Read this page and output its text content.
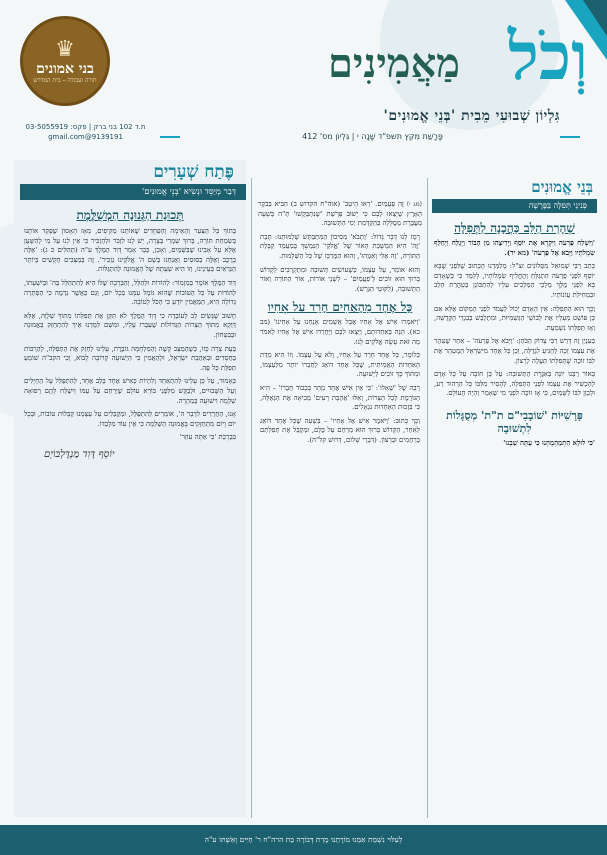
♛
בני אמונים
תורה ועבודה – בית המדרש
ת.ד 102 בני ברק | פקס: 03-5055919
9139191@gmail.com
וְכֹל
מַאֲמִינִים
גִּלְיוֹן שְׁבוּעִי מֵבִית 'בְּנֵי אֱמוּנִים'
פָּרָשַׁת מִקֵּץ תשפ"ד שָׁנָה י | גִּלְיוֹן מס' 412
פֶּתַח שְׁעָרִים
דְּבַר מְיַסֵּד וּנְשִׂיא 'בְּנֵי אֱמוּנִים'
תְּכוּנַת הַגְּנוּנָה הַמְשֻׁלֶּמֶת

בְּתוֹךְ כָּל הַצַּעַר וְהָאֵימָה וְהַפְּחָדִים שֶׁאוֹתָנוּ מַקִּיפִים, מֵאָז הָאָסוֹן שֶׁפָּקַד אוֹתָנוּ בְּשִׂמְחַת תּוֹרָה, בָּרוּךְ שִׁמְרִי בְּצָרָה, יֵשׁ לָנוּ לִזְכֹּר וּלְהַזְכִּיר כִּי אֵין לָנוּ עַל מִי לְהִשָּׁעֵן אֶלָּא עַל אָבִינוּ שֶׁבַּשָּׁמַיִם, וְאָכֵן, כְּבָר אָמַר דָּוִד הַמֶּלֶךְ ע"ה (תְּהִלִּים כ ג): 'אֵלֶּה בָרֶכֶב וְאֵלֶּה בַסּוּסִים וַאֲנַחְנוּ בְּשֵׁם ה' אֱלֹקֵינוּ נַזְכִּיר'. זֶה בְּמַצָּבִים הַקָּשִׁים בְּיוֹתֵר הַנִּרְאִים בְּעֵינֵינוּ, וְזוֹ הִיא שְׁעָתָהּ שֶׁל הָאֱמוּנָה לְהִתְגַּלּוֹת.

דָּוִד הַמֶּלֶךְ אוֹמֵר בְּמִזְמוֹר: לְהוֹדוֹת וּלְהַלֵּל, וְהַבְּרָכָה שֶׁלּוֹ הִיא לְהִתְהַלֵּל בַּה' וּבְיִשְׁעָתוֹ, לְהוֹדוֹת עַל כָּל הַטּוֹבוֹת שֶׁהוּא גּוֹמֵל עִמָּנוּ בְּכָל יוֹם, וְגַם כַּאֲשֶׁר נִדְמֶה כִּי הַסְּתָרָה גְּדוֹלָה הִיא, הַמַּאֲמִין יוֹדֵעַ כִּי הַכֹּל לְטוֹבָה.

חָשׁוּב שֶׁנָּשִׂים לֵב לְעוֹבְדָה כִּי דָּוִד הַמֶּלֶךְ לֹא תִּקֵּן אֶת תְּפִלַּתוֹ מִתּוֹךְ שַׁלְוָה, אֶלָּא דַּוְקָא מִתּוֹךְ הַצָּרוֹת הַגְּדוֹלוֹת שֶׁעָבְרוּ עָלָיו, וּמִשָּׁם לִמְּדָנוּ אֵיךְ לְהִתְחַזֵּק בָּאֱמוּנָה וּבַבִּטָּחוֹן.

בְּעֵת צָרָה כָּזוֹ, כְּשֶׁהַמַּצָּב קָשֶׁה וְהַמִּלְחָמָה גּוֹבֶרֶת, עָלֵינוּ לְחַזֵּק אֶת הַתְּפִלָּה, לְהַרְבּוֹת בַּחֲסָדִים וּבְאַהֲבַת יִשְׂרָאֵל, וּלְהַאֲמִין כִּי הַיְשׁוּעָה קְרוֹבָה לָבוֹא, וְכִי הקב"ה שׁוֹמֵעַ תְּפִלַּת כָּל פֶּה.

כְּאָמוּר, עַל כֵּן עָלֵינוּ לְהִתְאַחֵד וְלִהְיוֹת כְּאִישׁ אֶחָד בְּלֵב אֶחָד, לְהִתְפַּלֵּל עַל הַחַיָּלִים וְעַל הַשְּׁבוּיִים, וּלְבַקֵּשׁ מִלִּפְנֵי בּוֹרֵא עוֹלָם שֶׁיְּרַחֵם עַל עַמּוֹ וְיִשְׁלַח לָהֶם רְפוּאָה שְׁלֵמָה וִישׁוּעָה בְּמְהֵרָה.

אָנוּ, הַחֲרֵדִים לִדְבַר ה', אוֹמְרִים לְהִתְפַּלֵּל, וּמְקַבְּלִים עַל עַצְמֵנוּ קַבָּלוֹת טוֹבוֹת, וּבְכָל יוֹם וָיוֹם מִתְחַזְּקִים בָּאֱמוּנָה הַשְּׁלֵמָה כִּי אֵין עוֹד מִלְבַדּוֹ.

בִּבְרָכַת 'כִּי אַתָּה עוֹזֵר'

יוֹסֵף דָּוִד מַנְדֶּלְבּוֹיְם

(מג י) זֶה פַּעֲמַיִם. 'רְאוּ הֵיטֵב' (אוה"ח הקדוש ב) הִבִּיא בְּבֹקֶר הָאָרֶץ שֶׁיָּצְאוּ לְבָם כִּי יָשׁוּב פָּרָשַׁת 'שֶׁנִּתְבַּקְּשׁוּ' תַּ"ה בְּשָׁעָה מְעֻבֶּרֶת מְסֻלָּלָה בְּהַקְדָּמַת יְמִי הַתְּשׁוּבָה.

רָמַז לָנוּ דָּבָר גָּדוֹל: 'וַתְּבֹא' מְסִיכוֹן הַמִּתְבַּתֵּשׁ שְׁלַמּוּתֵנוּ: תֵּבַת 'זֶה' הִיא הִמְשָׁכַת הָאוֹר שֶׁל 'אֱלֹקַי' הַנִּמְשָׁךְ בְּמַעֲמַד קַבָּלַת הַתּוֹרָה, 'זֶה אֵלִי וְאַנְוֵהוּ', וְהוּא הַמֶּרְכָּז שֶׁל כָּל הַשְּׁלֵמוּת.

וְהוּא אוֹמֵר, עַל עַצְמוֹ, כְּשֶׁעוֹשִׂים תְּשׁוּבָה וּמִתְקָרְבִים לַקָּדוֹשׁ בָּרוּךְ הוּא זוֹכִים לְ'פַעֲמַיִם' – לִשְׁנֵי אוֹרוֹת, אוֹר הַתּוֹרָה וְאוֹר הַתְּשׁוּבָה, (לִקּוּטֵי הַגְּרָשׁ).

כָּל אֶחָד מֵהָאַחִים חָרֵד עַל אָחִיו

'וַיֹּאמְרוּ אִישׁ אֶל אָחִיו אֲבָל אֲשֵׁמִים אֲנַחְנוּ עַל אָחִינוּ' (מב כא). הִנֵּה בְּאַחְדוּתָם, וַיֵּצְאוּ לִבָּם וַיֶּחֶרְדוּ אִישׁ אֶל אָחִיו לֵאמֹר מַה זֹּאת עָשָׂה אֱלֹקִים לָנוּ.

כְּלוֹמַר, כָּל אֶחָד חָרַד עַל אָחִיו, וְלֹא עַל עַצְמוֹ. וְזוֹ הִיא מִדַּת הָאַחְדוּת הָאֲמִיתִּית, שֶׁכָּל אֶחָד דּוֹאֵג לַחֲבֵרוֹ יוֹתֵר מִלְּעַצְמוֹ, וּמִתּוֹךְ כָּךְ זוֹכִים לְיְשׁוּעָה.

רָבָה שֶׁל 'שְׁאָלוּ': 'כִּי אֵין אִישׁ אֶחָד נִזְהָר בְּכָבוֹד חֲבֵרוֹ' – הִיא הַגּוֹרֶמֶת לְכָל הַצָּרוֹת, וְאִלּוּ 'אֲהַבַת רֵעִים' מְבִיאָה אֶת הַגְּאֻלָּה, כִּי בִּזְכוּת הָאַחְדוּת נִגְאָלִים.

וְכָךְ כָּתוּב: 'וַיֹּאמֶר אִישׁ אֶל אָחִיו' – בְּשָׁעָה שֶׁכָּל אֶחָד דּוֹאֵג לָאַחֵר, הַקָּדוֹשׁ בָּרוּךְ הוּא מְרַחֵם עַל כֻּלָּם, וּמְקַבֵּל אֶת תְּפִלָּתָם בְּרַחֲמִים וּבְרָצוֹן. (דִּבְרֵי שָׁלוֹם, דְּרוּשׁ קל"ה).

בְּנֵי אֱמוּנִים
פְּנִינֵי תְּפִלָּה בַּפָּרָשָׁה
שְׁהָרַת הַלֵּב כַּהֲכָנָה לַתְּפִלָּה

'וַיִּשְׁלַח פַּרְעֹה וַיִּקְרָא אֶת יוֹסֵף וַיְרִיצֻהוּ מִן הַבּוֹר וַיְגַלַּח וַיְחַלֵּף שִׂמְלֹתָיו וַיָּבֹא אֶל פַּרְעֹה' (מא יד).

כָּתַב רַבִּי שְׁמוּאֵל מִסְּלוֹנִים זצ"ל: מְלַמְּדֵנוּ הַכָּתוּב שֶׁלִּפְנֵי שֶׁבָּא יוֹסֵף לִפְנֵי פַרְעֹה הִתְגַּלֵּחַ וְהֶחֱלִיף שִׂמְלוֹתָיו, לְלַמֵּד כִּי כְּשֶׁאָדָם בָּא לִפְנֵי מֶלֶךְ מַלְכֵי הַמְּלָכִים עָלָיו לְהִתְכּוֹנֵן בְּטָהֳרַת הַלֵּב וּבִמְחִילַת עֲוֹנוֹתָיו.

וְכָךְ הוּא הַתְּפִלָּה: אֵין הָאָדָם יָכוֹל לַעֲמֹד לִפְנֵי הַמָּקוֹם אֶלָּא אִם כֵּן פּוֹשֵׁט מֵעָלָיו אֶת לְבוּשֵׁי הַגַּשְׁמִיּוּת, וּמִתְלַבֵּשׁ בְּבִגְדֵי הַקְּדֻשָּׁה, וְאָז תְּפִלָּתוֹ נִשְׁמַעַת.

בְּעִנְיַן זֶה דָּרַשׁ רַבִּי צָדוֹק הַכֹּהֵן: 'וַיָּבֹא אֶל פַּרְעֹה' – אַחַר שֶׁטִּהֵר אֶת עַצְמוֹ זָכָה לְהַגִּיעַ לִגְדֻלָּה, וְכֵן כָּל אֶחָד מִיִּשְׂרָאֵל הַמְטַהֵר אֶת לִבּוֹ זוֹכֶה שֶׁתְּפִלָּתוֹ תַּעֲלֶה לְרָצוֹן.

בְּאוֹר רַבֵּנוּ יוֹנָה בְּאִגֶּרֶת הַתְּשׁוּבָה: עַל כֵּן חוֹבָה עַל כָּל אָדָם לְהַכְשִׁיר אֶת עַצְמוֹ לִפְנֵי הַתְּפִלָּה, לְהָסִיר מִלִּבּוֹ כָּל הִרְהוּר רַע, וּלְכַוֵּן לִבּוֹ לַשָּׁמַיִם, כִּי אָז זוֹכֶה לִפְנֵי מִי שֶׁאָמַר וְהָיָה הָעוֹלָם.

פָּרָשִׁיּוֹת 'שׁוֹבָבִי"ם ת"ת' מְסֻגָּלוֹת לִתְשׁוּבָה

'כִּי לוּלֵא הִתְמַהְמָהְנוּ כִּי עַתָּה שַׁבְנוּ'

לְעִלּוּי נִשְׁמַת אִמֵּנוּ מוֹרָתֵנוּ מָרַת דְּבוֹרָה בַּת הרה"ח ר' חַיִּים וְאִשְׁתּוֹ ע"ה
